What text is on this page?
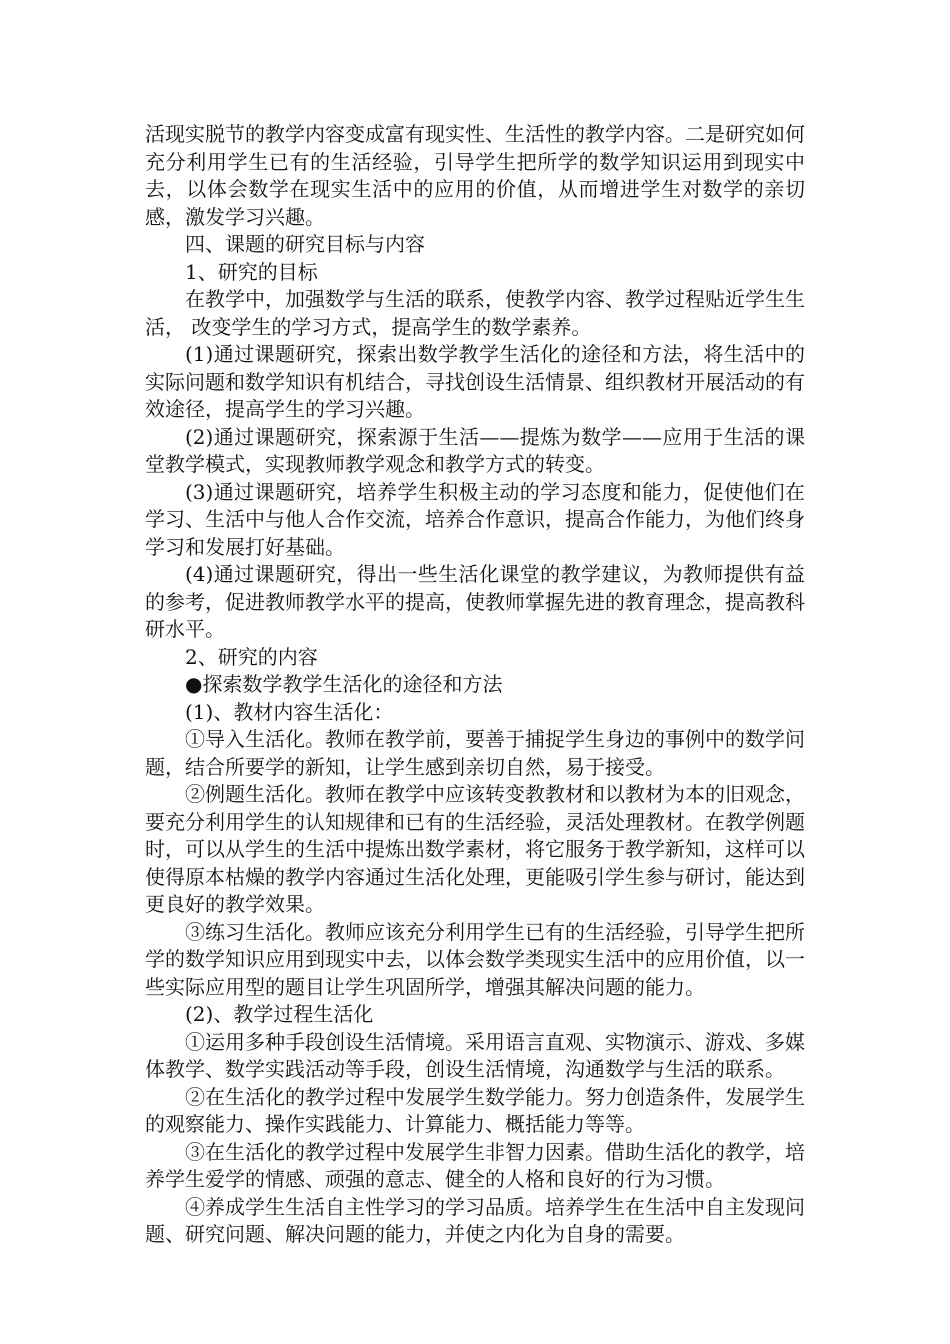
活现实脱节的教学内容变成富有现实性、生活性的教学内容。二是研究如何充分利用学生已有的生活经验，引导学生把所学的数学知识运用到现实中去，以体会数学在现实生活中的应用的价值，从而增进学生对数学的亲切感，激发学习兴趣。

四、课题的研究目标与内容

1、研究的目标

在教学中，加强数学与生活的联系，使教学内容、教学过程贴近学生生活， 改变学生的学习方式，提高学生的数学素养。

(1)通过课题研究，探索出数学教学生活化的途径和方法，将生活中的实际问题和数学知识有机结合，寻找创设生活情景、组织教材开展活动的有效途径，提高学生的学习兴趣。

(2)通过课题研究，探索源于生活——提炼为数学——应用于生活的课堂教学模式，实现教师教学观念和教学方式的转变。

(3)通过课题研究，培养学生积极主动的学习态度和能力，促使他们在学习、生活中与他人合作交流，培养合作意识，提高合作能力，为他们终身学习和发展打好基础。

(4)通过课题研究，得出一些生活化课堂的教学建议，为教师提供有益的参考，促进教师教学水平的提高，使教师掌握先进的教育理念，提高教科研水平。

2、研究的内容

●探索数学教学生活化的途径和方法

(1)、教材内容生活化：

①导入生活化。教师在教学前，要善于捕捉学生身边的事例中的数学问题，结合所要学的新知，让学生感到亲切自然，易于接受。

②例题生活化。教师在教学中应该转变教教材和以教材为本的旧观念，要充分利用学生的认知规律和已有的生活经验，灵活处理教材。在教学例题时，可以从学生的生活中提炼出数学素材，将它服务于教学新知，这样可以使得原本枯燥的教学内容通过生活化处理，更能吸引学生参与研讨，能达到更良好的教学效果。

③练习生活化。教师应该充分利用学生已有的生活经验，引导学生把所学的数学知识应用到现实中去，以体会数学类现实生活中的应用价值，以一些实际应用型的题目让学生巩固所学，增强其解决问题的能力。

(2)、教学过程生活化

①运用多种手段创设生活情境。采用语言直观、实物演示、游戏、多媒体教学、数学实践活动等手段，创设生活情境，沟通数学与生活的联系。

②在生活化的教学过程中发展学生数学能力。努力创造条件，发展学生的观察能力、操作实践能力、计算能力、概括能力等等。

③在生活化的教学过程中发展学生非智力因素。借助生活化的教学，培养学生爱学的情感、顽强的意志、健全的人格和良好的行为习惯。

④养成学生生活自主性学习的学习品质。培养学生在生活中自主发现问题、研究问题、解决问题的能力，并使之内化为自身的需要。
